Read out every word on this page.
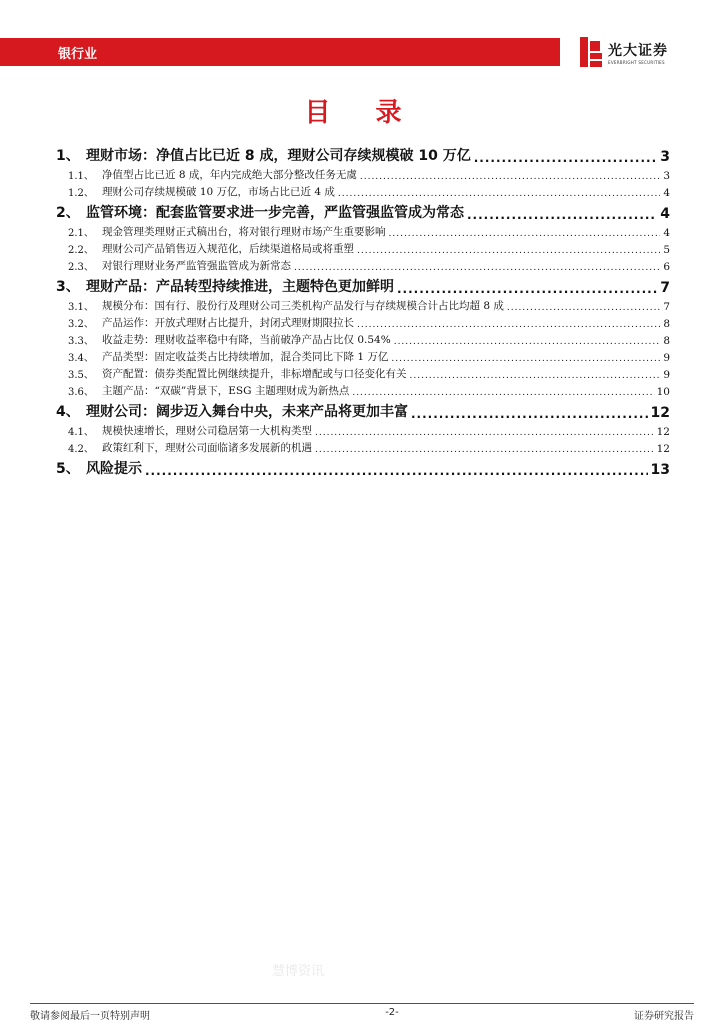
银行业	光大证券
EVERBRIGHT SECURITIES
目 录
1、 理财市场：净值占比已近 8 成，理财公司存续规模破 10 万亿 .....	3
1.1、 净值型占比已近 8 成，年内完成绝大部分整改任务无虞 .....	3
1.2、 理财公司存续规模破 10 万亿，市场占比已近 4 成 .....	4
2、 监管环境：配套监管要求进一步完善，严监管强监管成为常态 .....	4
2.1、 现金管理类理财正式稿出台，将对银行理财市场产生重要影响 .....	4
2.2、 理财公司产品销售迈入规范化，后续渠道格局或将重塑 .....	5
2.3、 对银行理财业务严监管强监管成为新常态 .....	6
3、 理财产品：产品转型持续推进，主题特色更加鲜明 .....	7
3.1、 规模分布：国有行、股份行及理财公司三类机构产品发行与存续规模合计占比均超 8 成 .....	7
3.2、 产品运作：开放式理财占比提升，封闭式理财期限拉长 .....	8
3.3、 收益走势：理财收益率稳中有降，当前破净产品占比仅 0.54% .....	8
3.4、 产品类型：固定收益类占比持续增加，混合类同比下降 1 万亿 .....	9
3.5、 资产配置：债券类配置比例继续提升，非标增配或与口径变化有关 .....	9
3.6、 主题产品：“双碳”背景下，ESG 主题理财成为新热点 .....	10
4、 理财公司：阔步迈入舞台中央，未来产品将更加丰富 .....	12
4.1、 规模快速增长，理财公司稳居第一大机构类型 .....	12
4.2、 政策红利下，理财公司面临诸多发展新的机遇 .....	12
5、 风险提示 .....	13
慧博资讯
敬请参阅最后一页特别声明	-2-	证券研究报告
